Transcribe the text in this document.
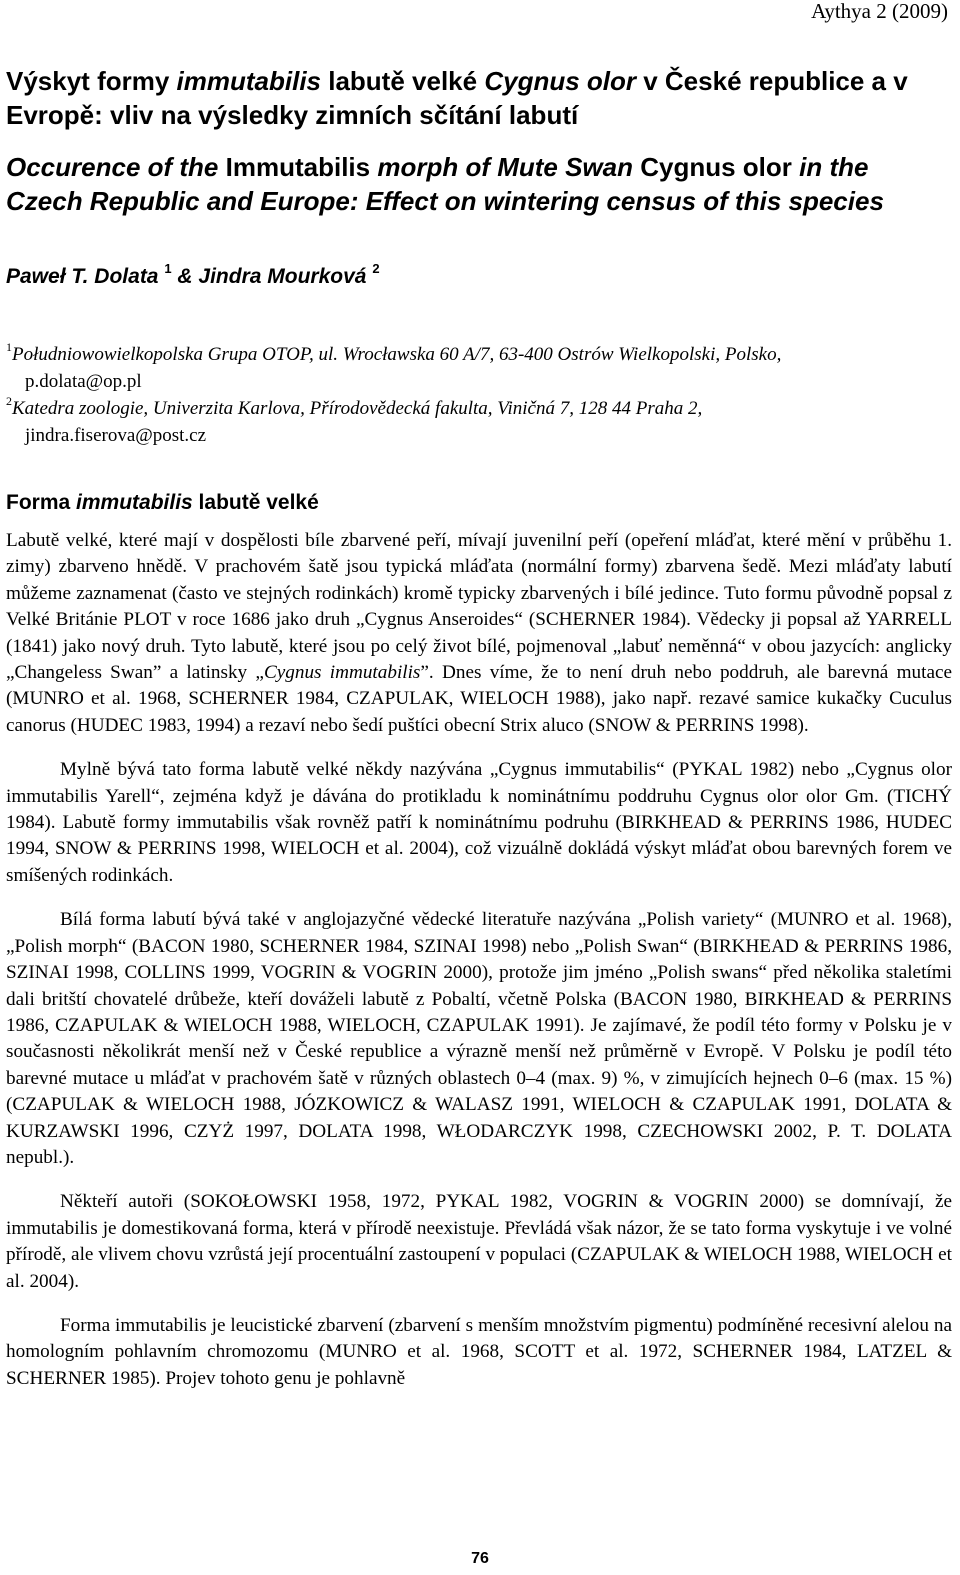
Aythya 2 (2009)
Výskyt formy immutabilis labutě velké Cygnus olor v České republice a v Evropě: vliv na výsledky zimních sčítání labutí
Occurence of the Immutabilis morph of Mute Swan Cygnus olor in the Czech Republic and Europe: Effect on wintering census of this species
Paweł T. Dolata $^1$ & Jindra Mourková $^2$
$^1$Południowowielkopolska Grupa OTOP, ul. Wrocławska 60 A/7, 63-400 Ostrów Wielkopolski, Polsko,
p.dolata@op.pl
$^2$Katedra zoologie, Univerzita Karlova, Přírodovědecká fakulta, Viničná 7, 128 44 Praha 2,
jindra.fiserova@post.cz
Forma immutabilis labutě velké

Labutě velké, které mají v dospělosti bíle zbarvené peří, mívají juvenilní peří (opeření mláďat, které mění v průběhu 1. zimy) zbarveno hnědě. V prachovém šatě jsou typická mláďata (normální formy) zbarvena šedě. Mezi mláďaty labutí můžeme zaznamenat (často ve stejných rodinkách) kromě typicky zbarvených i bílé jedince. Tuto formu původně popsal z Velké Británie PLOT v roce 1686 jako druh „Cygnus Anseroides“ (SCHERNER 1984). Vědecky ji popsal až YARRELL (1841) jako nový druh. Tyto labutě, které jsou po celý život bílé, pojmenoval „labuť neměnná“ v obou jazycích: anglicky „Changeless Swan” a latinsky „Cygnus immutabilis”. Dnes víme, že to není druh nebo poddruh, ale barevná mutace (MUNRO et al. 1968, SCHERNER 1984, CZAPULAK, WIELOCH 1988), jako např. rezavé samice kukačky Cuculus canorus (HUDEC 1983, 1994) a rezaví nebo šedí puštíci obecní Strix aluco (SNOW & PERRINS 1998).

Mylně bývá tato forma labutě velké někdy nazývána „Cygnus immutabilis“ (PYKAL 1982) nebo „Cygnus olor immutabilis Yarell“, zejména když je dávána do protikladu k nominátnímu poddruhu Cygnus olor olor Gm. (TICHÝ 1984). Labutě formy immutabilis však rovněž patří k nominátnímu podruhu (BIRKHEAD & PERRINS 1986, HUDEC 1994, SNOW & PERRINS 1998, WIELOCH et al. 2004), což vizuálně dokládá výskyt mláďat obou barevných forem ve smíšených rodinkách.

Bílá forma labutí bývá také v anglojazyčné vědecké literatuře nazývána „Polish variety“ (MUNRO et al. 1968), „Polish morph“ (BACON 1980, SCHERNER 1984, SZINAI 1998) nebo „Polish Swan“ (BIRKHEAD & PERRINS 1986, SZINAI 1998, COLLINS 1999, VOGRIN & VOGRIN 2000), protože jim jméno „Polish swans“ před několika staletími dali britští chovatelé drůbeže, kteří dováželi labutě z Pobaltí, včetně Polska (BACON 1980, BIRKHEAD & PERRINS 1986, CZAPULAK & WIELOCH 1988, WIELOCH, CZAPULAK 1991). Je zajímavé, že podíl této formy v Polsku je v současnosti několikrát menší než v České republice a výrazně menší než průměrně v Evropě. V Polsku je podíl této barevné mutace u mláďat v prachovém šatě v různých oblastech 0–4 (max. 9) %, v zimujících hejnech 0–6 (max. 15 %) (CZAPULAK & WIELOCH 1988, JÓZKOWICZ & WALASZ 1991, WIELOCH & CZAPULAK 1991, DOLATA & KURZAWSKI 1996, CZYŻ 1997, DOLATA 1998, WŁODARCZYK 1998, CZECHOWSKI 2002, P. T. DOLATA nepubl.).

Někteří autoři (SOKOŁOWSKI 1958, 1972, PYKAL 1982, VOGRIN & VOGRIN 2000) se domnívají, že immutabilis je domestikovaná forma, která v přírodě neexistuje. Převládá však názor, že se tato forma vyskytuje i ve volné přírodě, ale vlivem chovu vzrůstá její procentuální zastoupení v populaci (CZAPULAK & WIELOCH 1988, WIELOCH et al. 2004).

Forma immutabilis je leucistické zbarvení (zbarvení s menším množstvím pigmentu) podmíněné recesivní alelou na homologním pohlavním chromozomu (MUNRO et al. 1968, SCOTT et al. 1972, SCHERNER 1984, LATZEL & SCHERNER 1985). Projev tohoto genu je pohlavně

76
